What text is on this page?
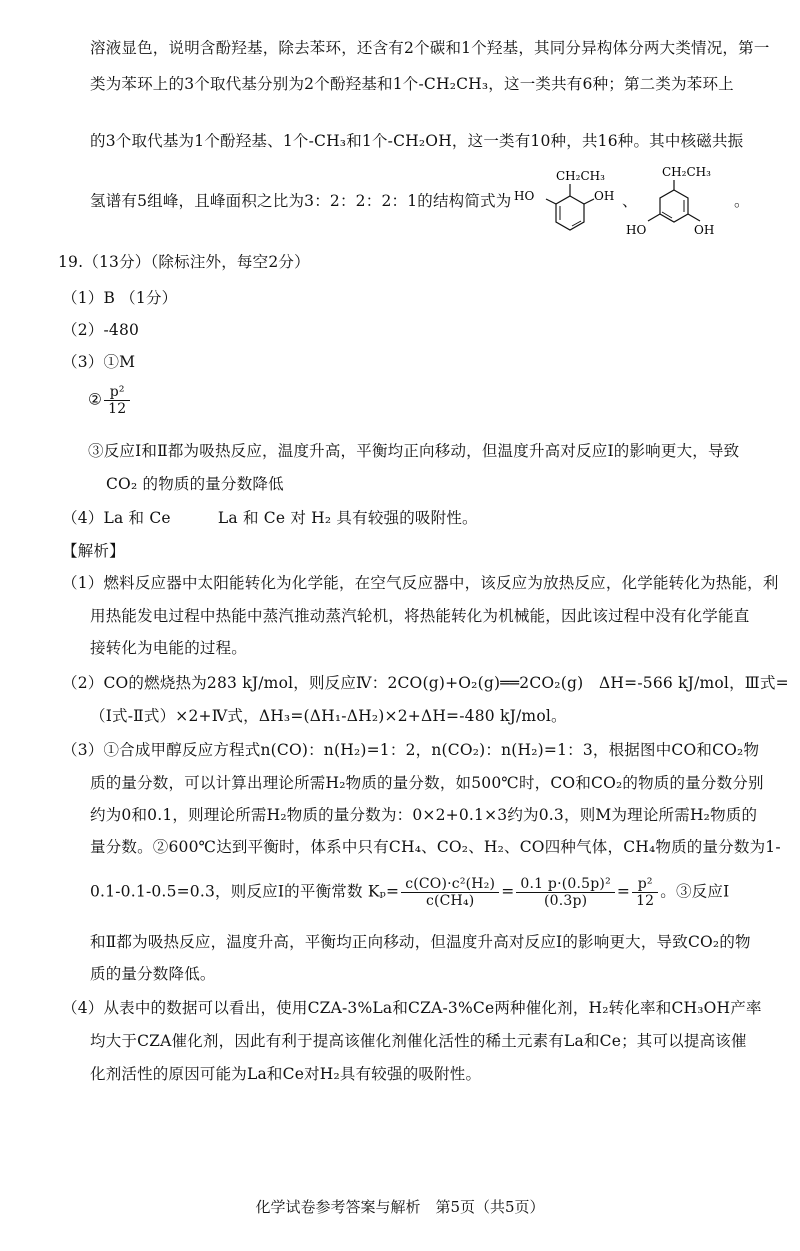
溶液显色，说明含酚羟基，除去苯环，还含有2个碳和1个羟基，其同分异构体分两大类情况，第一
类为苯环上的3个取代基分别为2个酚羟基和1个-CH₂CH₃，这一类共有6种；第二类为苯环上
的3个取代基为1个酚羟基、1个-CH₃和1个-CH₂OH，这一类有10种，共16种。其中核磁共振
氢谱有5组峰，且峰面积之比为3：2：2：2：1的结构简式为
CH₂CH₃
HO	OH 、
CH₂CH₃
HO	OH
。
19.（13分）（除标注外，每空2分）
（1）B （1分）
（2）-480
（3）①M
② $\frac{\text{p²}}{12}$
③反应Ⅰ和Ⅱ都为吸热反应，温度升高，平衡均正向移动，但温度升高对反应Ⅰ的影响更大，导致
CO₂ 的物质的量分数降低
（4）La 和 Ce　　　La 和 Ce 对 H₂ 具有较强的吸附性。
【解析】
（1）燃料反应器中太阳能转化为化学能，在空气反应器中，该反应为放热反应，化学能转化为热能，利
用热能发电过程中热能中蒸汽推动蒸汽轮机，将热能转化为机械能，因此该过程中没有化学能直
接转化为电能的过程。
（2）CO的燃烧热为283 kJ/mol，则反应Ⅳ：2CO(g)+O₂(g)══2CO₂(g)　ΔH=-566 kJ/mol，Ⅲ式=
（Ⅰ式-Ⅱ式）×2+Ⅳ式，ΔH₃=(ΔH₁-ΔH₂)×2+ΔH=-480 kJ/mol。
（3）①合成甲醇反应方程式n(CO)：n(H₂)=1：2，n(CO₂)：n(H₂)=1：3，根据图中CO和CO₂物
质的量分数，可以计算出理论所需H₂物质的量分数，如500℃时，CO和CO₂的物质的量分数分别
约为0和0.1，则理论所需H₂物质的量分数为：0×2+0.1×3约为0.3，则M为理论所需H₂物质的
量分数。②600℃达到平衡时，体系中只有CH₄、CO₂、H₂、CO四种气体，CH₄物质的量分数为1-
0.1-0.1-0.5=0.3，则反应Ⅰ的平衡常数 $K_p= \frac{\text{c(CO)·c²(H₂)}}{\text{c(CH₄)}} = \frac{\text{0.1 p·(0.5p)²}}{(0.3p)} = \frac{\text{p²}}{12}$ 。③反应Ⅰ
和Ⅱ都为吸热反应，温度升高，平衡均正向移动，但温度升高对反应Ⅰ的影响更大，导致CO₂的物
质的量分数降低。
（4）从表中的数据可以看出，使用CZA-3%La和CZA-3%Ce两种催化剂，H₂转化率和CH₃OH产率
均大于CZA催化剂，因此有利于提高该催化剂催化活性的稀土元素有La和Ce；其可以提高该催
化剂活性的原因可能为La和Ce对H₂具有较强的吸附性。
化学试卷参考答案与解析　第5页（共5页）
